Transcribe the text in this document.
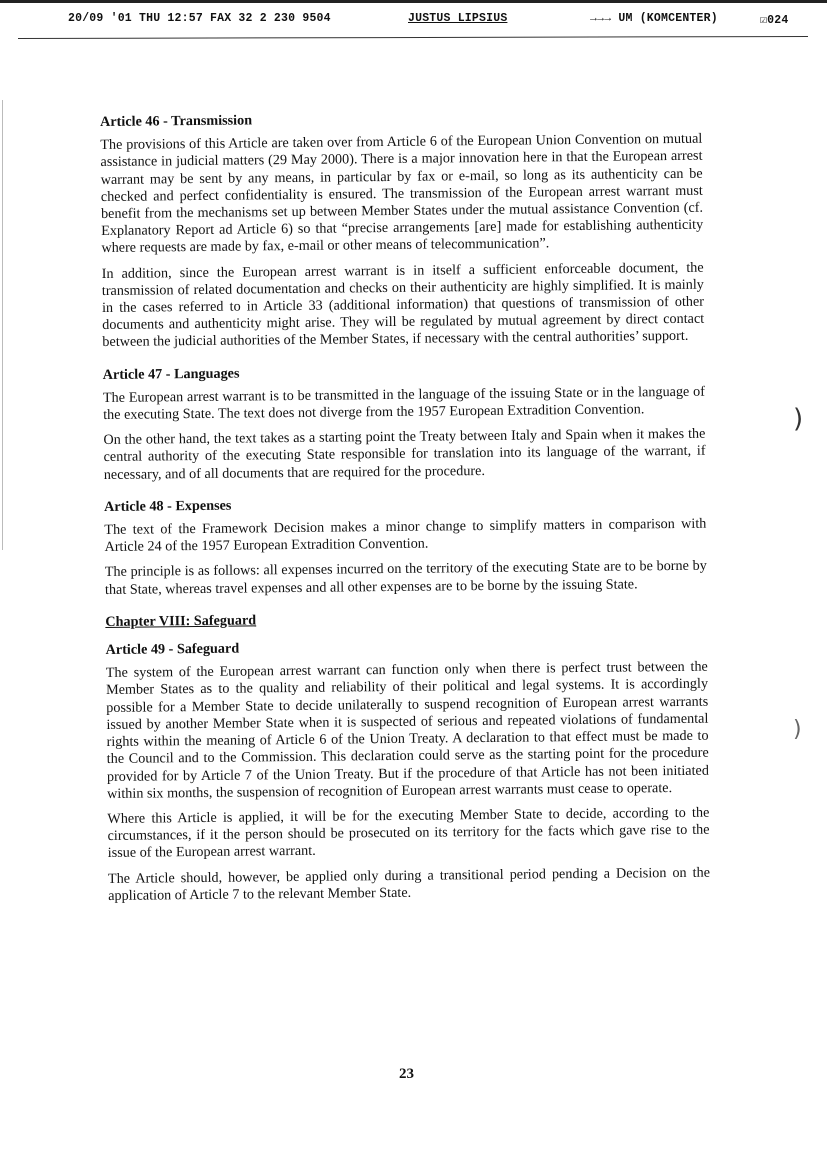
20/09 '01 THU 12:57 FAX 32 2 230 9504	JUSTUS LIPSIUS	→→→ UM (KOMCENTER)	☑024
Article 46 - Transmission

The provisions of this Article are taken over from Article 6 of the European Union Convention on mutual assistance in judicial matters (29 May 2000). There is a major innovation here in that the European arrest warrant may be sent by any means, in particular by fax or e-mail, so long as its authenticity can be checked and perfect confidentiality is ensured. The transmission of the European arrest warrant must benefit from the mechanisms set up between Member States under the mutual assistance Convention (cf. Explanatory Report ad Article 6) so that “precise arrangements [are] made for establishing authenticity where requests are made by fax, e-mail or other means of telecommunication”.

In addition, since the European arrest warrant is in itself a sufficient enforceable document, the transmission of related documentation and checks on their authenticity are highly simplified. It is mainly in the cases referred to in Article 33 (additional information) that questions of transmission of other documents and authenticity might arise. They will be regulated by mutual agreement by direct contact between the judicial authorities of the Member States, if necessary with the central authorities’ support.

Article 47 - Languages

The European arrest warrant is to be transmitted in the language of the issuing State or in the language of the executing State. The text does not diverge from the 1957 European Extradition Convention.

On the other hand, the text takes as a starting point the Treaty between Italy and Spain when it makes the central authority of the executing State responsible for translation into its language of the warrant, if necessary, and of all documents that are required for the procedure.

Article 48 - Expenses

The text of the Framework Decision makes a minor change to simplify matters in comparison with Article 24 of the 1957 European Extradition Convention.

The principle is as follows: all expenses incurred on the territory of the executing State are to be borne by that State, whereas travel expenses and all other expenses are to be borne by the issuing State.

Chapter VIII: Safeguard
Article 49 - Safeguard

The system of the European arrest warrant can function only when there is perfect trust between the Member States as to the quality and reliability of their political and legal systems. It is accordingly possible for a Member State to decide unilaterally to suspend recognition of European arrest warrants issued by another Member State when it is suspected of serious and repeated violations of fundamental rights within the meaning of Article 6 of the Union Treaty. A declaration to that effect must be made to the Council and to the Commission. This declaration could serve as the starting point for the procedure provided for by Article 7 of the Union Treaty. But if the procedure of that Article has not been initiated within six months, the suspension of recognition of European arrest warrants must cease to operate.

Where this Article is applied, it will be for the executing Member State to decide, according to the circumstances, if it the person should be prosecuted on its territory for the facts which gave rise to the issue of the European arrest warrant.

The Article should, however, be applied only during a transitional period pending a Decision on the application of Article 7 to the relevant Member State.

23
)
)
